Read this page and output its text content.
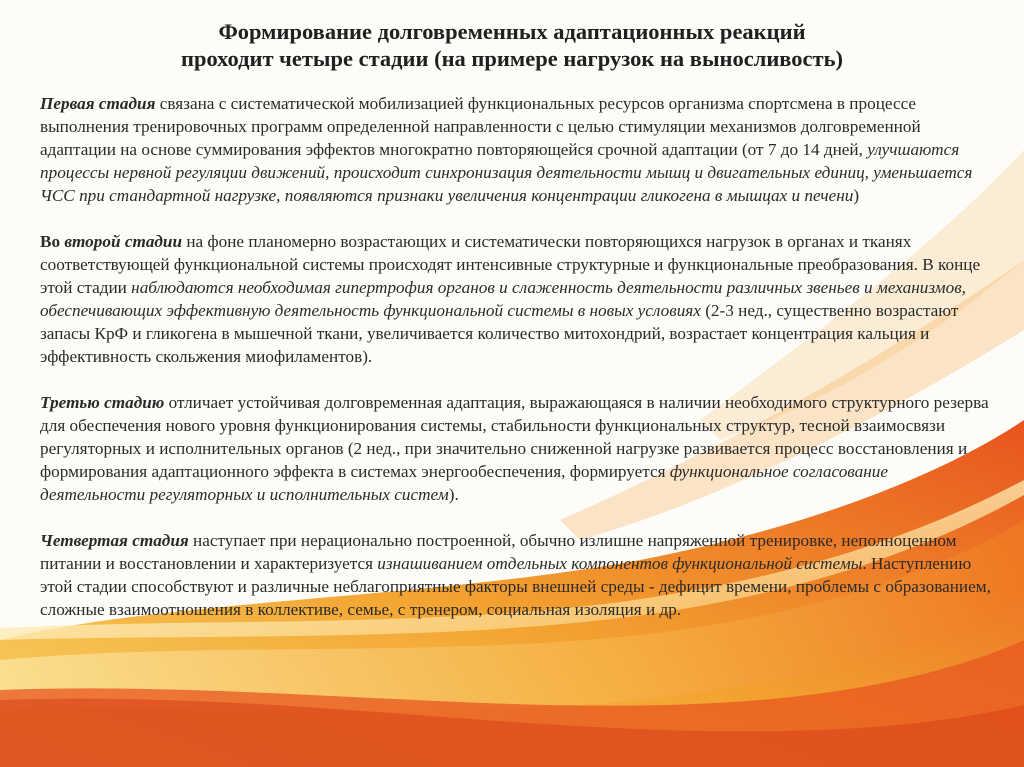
Формирование долговременных адаптационных реакций
проходит четыре стадии (на примере нагрузок на выносливость)

Первая стадия связана с систематической мобилизацией функциональных ресурсов организма спортсмена в процессе выполнения тренировочных программ определенной направленности с целью стимуляции механизмов долговременной адаптации на основе суммирования эффектов многократно повторяющейся срочной адаптации (от 7 до 14 дней, улучшаются процессы нервной регуляции движений, происходит синхронизация деятельности мышц и двигательных единиц, уменьшается ЧСС при стандартной нагрузке, появляются признаки увеличения концентрации гликогена в мышцах и печени)

Во второй стадии на фоне планомерно возрастающих и систематически повторяющихся нагрузок в органах и тканях соответствующей функциональной системы происходят интенсивные структурные и функциональные преобразования. В конце этой стадии наблюдаются необходимая гипертрофия органов и слаженность деятельности различных звеньев и механизмов, обеспечивающих эффективную деятельность функциональной системы в новых условиях (2-3 нед., существенно возрастают запасы КрФ и гликогена в мышечной ткани, увеличивается количество митохондрий, возрастает концентрация кальция и эффективность скольжения миофиламентов).

Третью стадию отличает устойчивая долговременная адаптация, выражающаяся в наличии необходимого структурного резерва для обеспечения нового уровня функционирования системы, стабильности функциональных структур, тесной взаимосвязи регуляторных и исполнительных органов (2 нед., при значительно сниженной нагрузке развивается процесс восстановления и формирования адаптационного эффекта в системах энергообеспечения, формируется функциональное согласование деятельности регуляторных и исполнительных систем).

Четвертая стадия наступает при нерационально построенной, обычно излишне напряженной тренировке, неполноценном питании и восстановлении и характеризуется изнашиванием отдельных компонентов функциональной системы. Наступлению этой стадии способствуют и различные неблагоприятные факторы внешней среды - дефицит времени, проблемы с образованием, сложные взаимоотношения в коллективе, семье, с тренером, социальная изоляция и др.
